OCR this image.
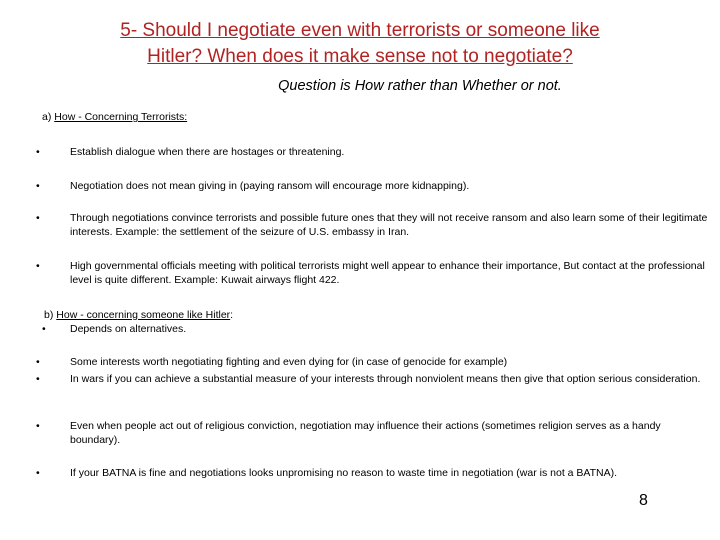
5- Should I negotiate even with terrorists or someone like
Hitler? When does it make sense not to negotiate?
Question is How rather than Whether or not.
a) How - Concerning Terrorists:
•	Establish dialogue when there are hostages or threatening.
•	Negotiation does not mean giving in (paying ransom will encourage more kidnapping).
•	Through negotiations convince terrorists and possible future ones that they will not receive ransom and also learn some of their legitimate interests. Example: the settlement of the seizure of U.S. embassy in Iran.
•	High governmental officials meeting with political terrorists might well appear to enhance their importance, But contact at the professional level is quite different. Example: Kuwait airways flight 422.
b) How - concerning someone like Hitler:
•	Depends on alternatives.
•	Some interests worth negotiating fighting and even dying for (in case of genocide for example)
•	In wars if you can achieve a substantial measure of your interests through nonviolent means then give that option serious consideration.
•	Even when people act out of religious conviction, negotiation may influence their actions (sometimes religion serves as a handy boundary).
•	If your BATNA is fine and negotiations looks unpromising no reason to waste time in negotiation (war is not a BATNA).
8
